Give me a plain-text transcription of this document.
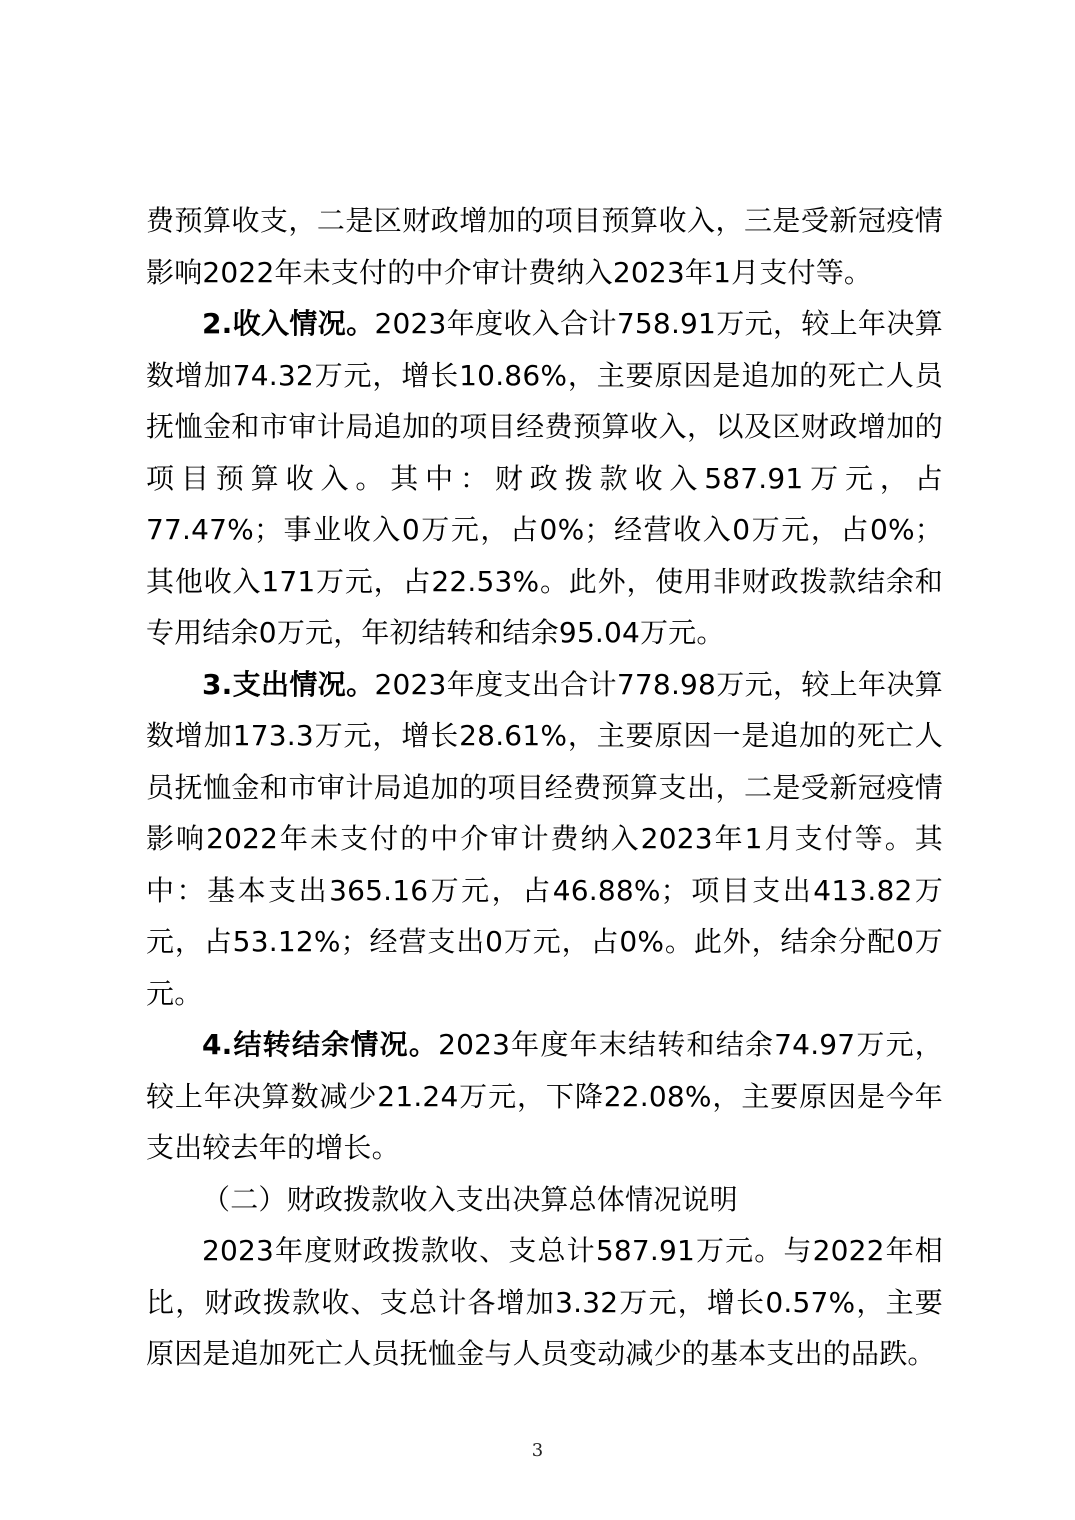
费预算收支，二是区财政增加的项目预算收入，三是受新冠疫情影响2022年未支付的中介审计费纳入2023年1月支付等。

2.收入情况。2023年度收入合计758.91万元，较上年决算数增加74.32万元，增长10.86%，主要原因是追加的死亡人员抚恤金和市审计局追加的项目经费预算收入，以及区财政增加的项目预算收入。其中：财政拨款收入587.91万元，占77.47%；事业收入0万元，占0%；经营收入0万元，占0%；其他收入171万元，占22.53%。此外，使用非财政拨款结余和专用结余0万元，年初结转和结余95.04万元。

3.支出情况。2023年度支出合计778.98万元，较上年决算数增加173.3万元，增长28.61%，主要原因一是追加的死亡人员抚恤金和市审计局追加的项目经费预算支出，二是受新冠疫情影响2022年未支付的中介审计费纳入2023年1月支付等。其中：基本支出365.16万元，占46.88%；项目支出413.82万元，占53.12%；经营支出0万元，占0%。此外，结余分配0万元。

4.结转结余情况。2023年度年末结转和结余74.97万元，较上年决算数减少21.24万元，下降22.08%，主要原因是今年支出较去年的增长。

（二）财政拨款收入支出决算总体情况说明

2023年度财政拨款收、支总计587.91万元。与2022年相比，财政拨款收、支总计各增加3.32万元，增长0.57%，主要原因是追加死亡人员抚恤金与人员变动减少的基本支出的品跌。

3
